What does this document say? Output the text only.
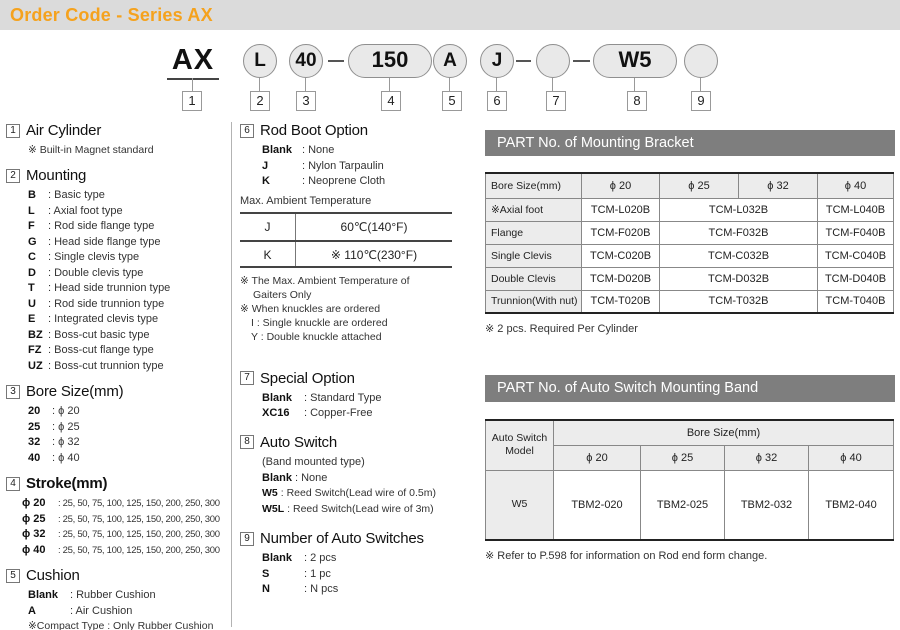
Order Code - Series AX
AX	L	40	150	A	J	W5
1	2	3	4	5	6	7	8	9
1 Air Cylinder
※ Built-in Magnet standard
2 Mounting
B	: Basic type
L	: Axial foot type
F	: Rod side flange type
G	: Head side flange type
C	: Single clevis type
D	: Double clevis type
T	: Head side trunnion type
U	: Rod side trunnion type
E	: Integrated clevis type
BZ : Boss-cut basic type
FZ : Boss-cut flange type
UZ : Boss-cut trunnion type
3 Bore Size(mm)
20	: ϕ 20
25	: ϕ 25
32	: ϕ 32
40	: ϕ 40
4 Stroke(mm)
ϕ 20	: 25, 50, 75, 100, 125, 150, 200, 250, 300
ϕ 25	: 25, 50, 75, 100, 125, 150, 200, 250, 300
ϕ 32	: 25, 50, 75, 100, 125, 150, 200, 250, 300
ϕ 40	: 25, 50, 75, 100, 125, 150, 200, 250, 300
5 Cushion
Blank	: Rubber Cushion
A	: Air Cushion
※Compact Type : Only Rubber Cushion
6 Rod Boot Option
Blank : None
J	: Nylon Tarpaulin
K	: Neoprene Cloth
Max. Ambient Temperature
J	60℃(140°F)
K	※ 110℃(230°F)
※ The Max. Ambient Temperature of
Gaiters Only
※ When knuckles are ordered
I : Single knuckle are ordered
Y : Double knuckle attached
7 Special Option
Blank	: Standard Type
XC16	: Copper-Free
8 Auto Switch
(Band mounted type)
Blank : None
W5 : Reed Switch(Lead wire of 0.5m)
W5L : Reed Switch(Lead wire of 3m)
9 Number of Auto Switches
Blank	: 2 pcs
S	: 1 pc
N	: N pcs
PART No. of Mounting Bracket
Bore Size(mm)	ϕ 20	ϕ 25	ϕ 32	ϕ 40
※Axial foot	TCM-L020B	TCM-L032B		TCM-L040B
Flange	TCM-F020B	TCM-F032B		TCM-F040B
Single Clevis	TCM-C020B	TCM-C032B		TCM-C040B
Double Clevis	TCM-D020B	TCM-D032B		TCM-D040B
Trunnion(With nut)	TCM-T020B	TCM-T032B		TCM-T040B
※ 2 pcs. Required Per Cylinder
PART No. of Auto Switch Mounting Band
Auto Switch Model	Bore Size(mm)			
	ϕ 20	ϕ 25	ϕ 32	ϕ 40
W5	TBM2-020	TBM2-025	TBM2-032	TBM2-040
※ Refer to P.598 for information on Rod end form change.
